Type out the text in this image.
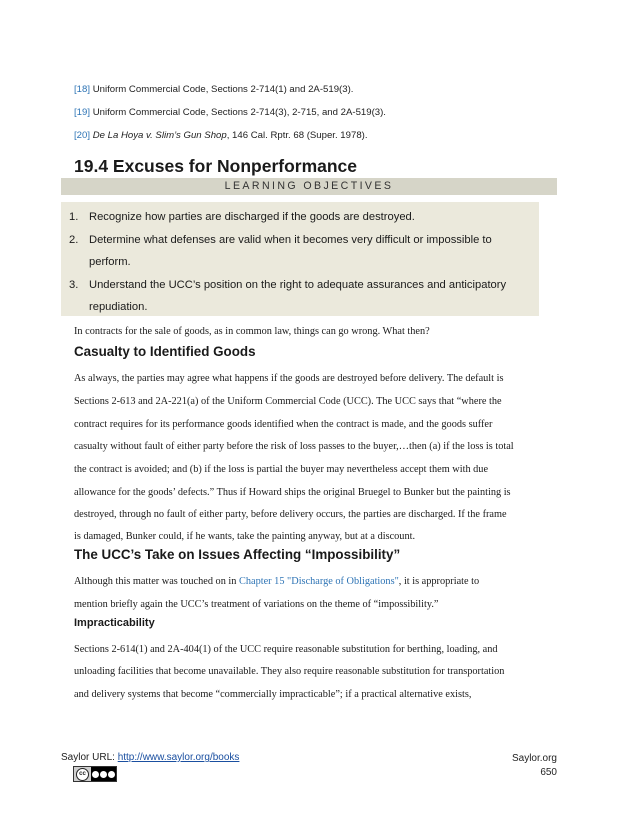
[18] Uniform Commercial Code, Sections 2-714(1) and 2A-519(3).
[19] Uniform Commercial Code, Sections 2-714(3), 2-715, and 2A-519(3).
[20] De La Hoya v. Slim’s Gun Shop, 146 Cal. Rptr. 68 (Super. 1978).
19.4 Excuses for Nonperformance
LEARNING OBJECTIVES
1. Recognize how parties are discharged if the goods are destroyed.
2. Determine what defenses are valid when it becomes very difficult or impossible to
perform.
3. Understand the UCC’s position on the right to adequate assurances and anticipatory
repudiation.
In contracts for the sale of goods, as in common law, things can go wrong. What then?
Casualty to Identified Goods
As always, the parties may agree what happens if the goods are destroyed before delivery. The default is
Sections 2-613 and 2A-221(a) of the Uniform Commercial Code (UCC). The UCC says that “where the
contract requires for its performance goods identified when the contract is made, and the goods suffer
casualty without fault of either party before the risk of loss passes to the buyer,…then (a) if the loss is total
the contract is avoided; and (b) if the loss is partial the buyer may nevertheless accept them with due
allowance for the goods’ defects.” Thus if Howard ships the original Bruegel to Bunker but the painting is
destroyed, through no fault of either party, before delivery occurs, the parties are discharged. If the frame
is damaged, Bunker could, if he wants, take the painting anyway, but at a discount.
The UCC’s Take on Issues Affecting “Impossibility”
Although this matter was touched on in Chapter 15 "Discharge of Obligations", it is appropriate to
mention briefly again the UCC’s treatment of variations on the theme of “impossibility.”
Impracticability
Sections 2-614(1) and 2A-404(1) of the UCC require reasonable substitution for berthing, loading, and
unloading facilities that become unavailable. They also require reasonable substitution for transportation
and delivery systems that become “commercially impracticable”; if a practical alternative exists,
Saylor URL: http://www.saylor.org/books
cc
Saylor.org
650
